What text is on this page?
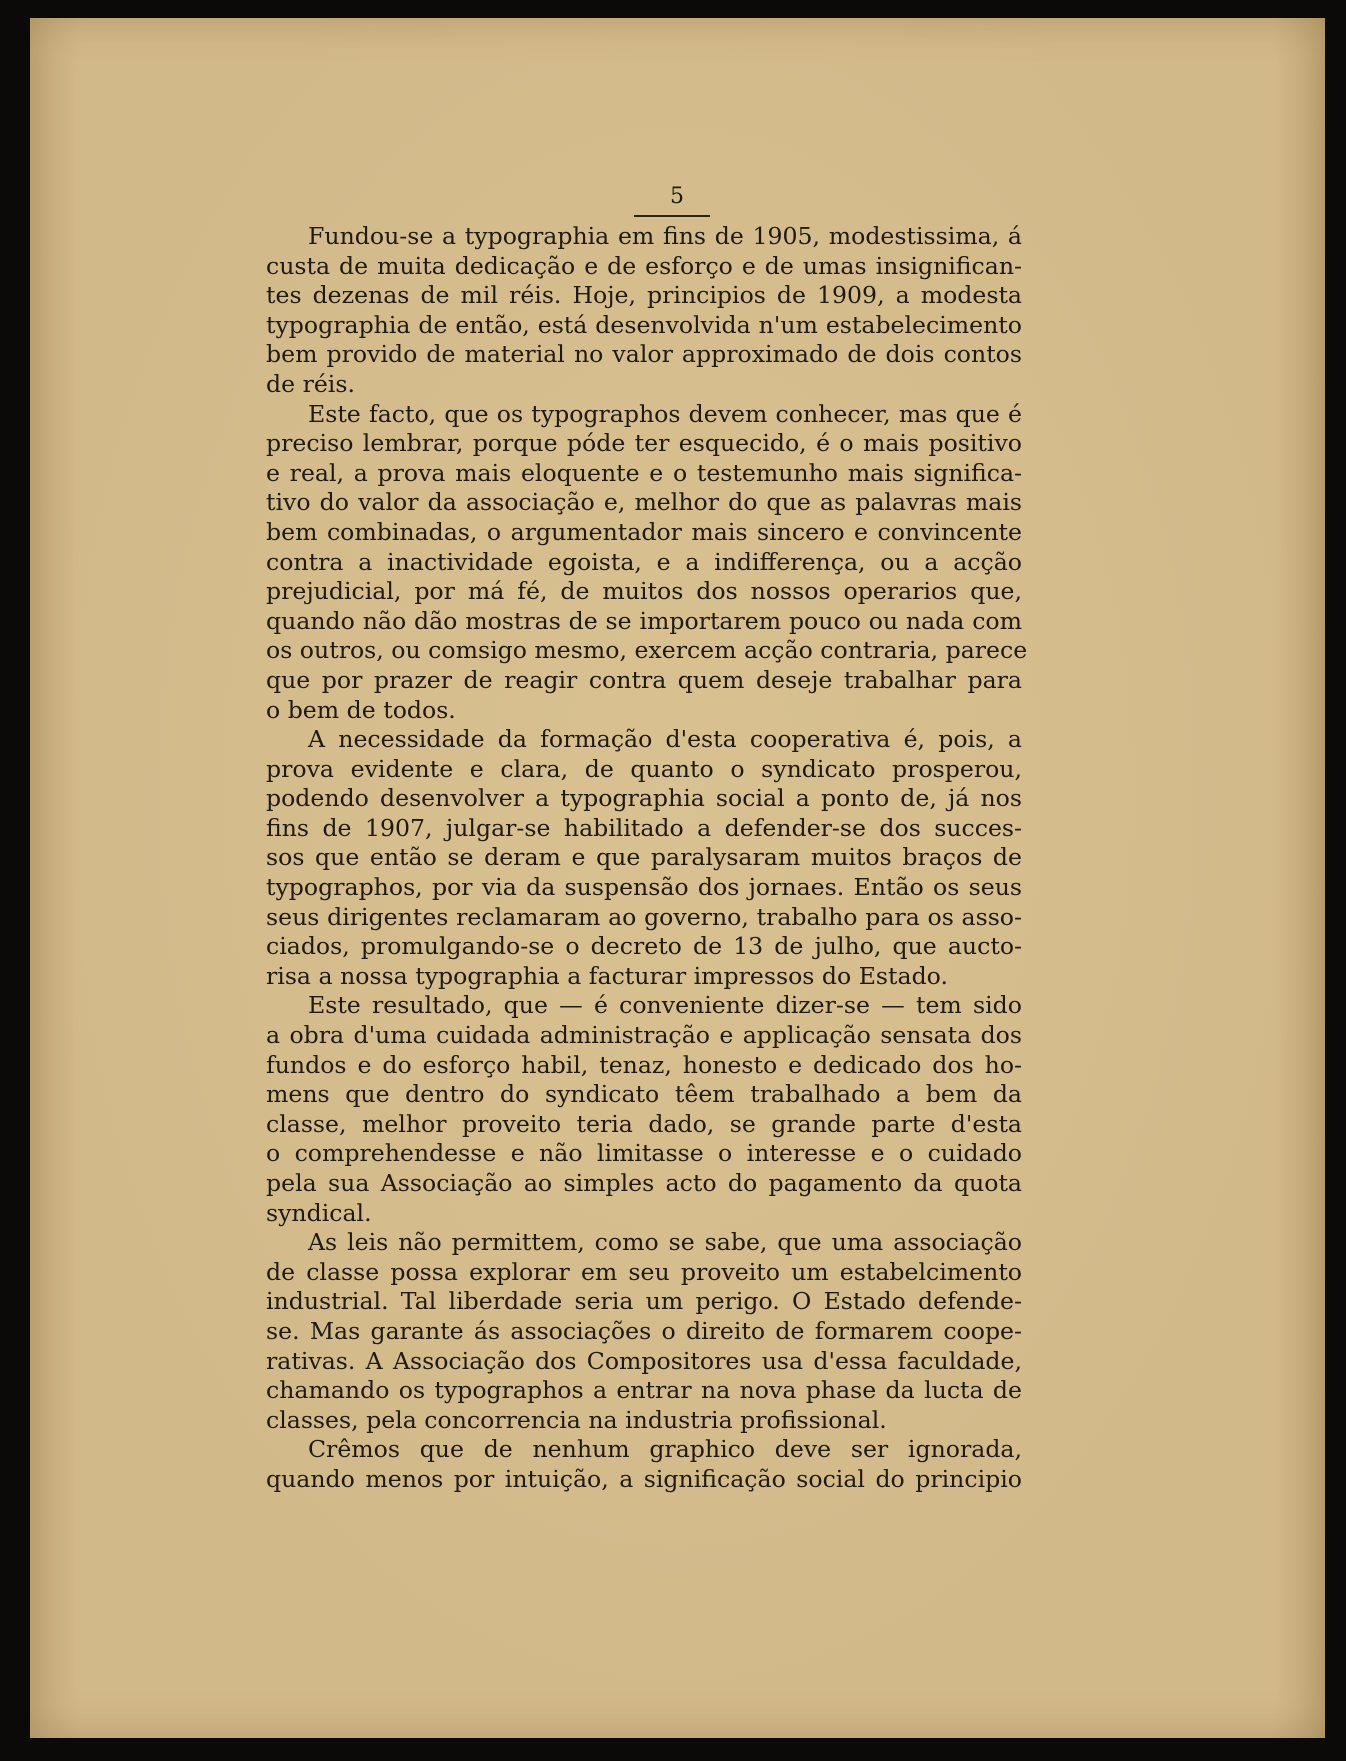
5
Fundou-se a typographia em fins de 1905, modestissima, á
custa de muita dedicação e de esforço e de umas insignifican-
tes dezenas de mil réis. Hoje, principios de 1909, a modesta
typographia de então, está desenvolvida n'um estabelecimento
bem provido de material no valor approximado de dois contos
de réis.
Este facto, que os typographos devem conhecer, mas que é
preciso lembrar, porque póde ter esquecido, é o mais positivo
e real, a prova mais eloquente e o testemunho mais significa-
tivo do valor da associação e, melhor do que as palavras mais
bem combinadas, o argumentador mais sincero e convincente
contra a inactividade egoista, e a indifferença, ou a acção
prejudicial, por má fé, de muitos dos nossos operarios que,
quando não dão mostras de se importarem pouco ou nada com
os outros, ou comsigo mesmo, exercem acção contraria, parece
que por prazer de reagir contra quem deseje trabalhar para
o bem de todos.
A necessidade da formação d'esta cooperativa é, pois, a
prova evidente e clara, de quanto o syndicato prosperou,
podendo desenvolver a typographia social a ponto de, já nos
fins de 1907, julgar-se habilitado a defender-se dos succes-
sos que então se deram e que paralysaram muitos braços de
typographos, por via da suspensão dos jornaes. Então os seus
seus dirigentes reclamaram ao governo, trabalho para os asso-
ciados, promulgando-se o decreto de 13 de julho, que aucto-
risa a nossa typographia a facturar impressos do Estado.
Este resultado, que — é conveniente dizer-se — tem sido
a obra d'uma cuidada administração e applicação sensata dos
fundos e do esforço habil, tenaz, honesto e dedicado dos ho-
mens que dentro do syndicato têem trabalhado a bem da
classe, melhor proveito teria dado, se grande parte d'esta
o comprehendesse e não limitasse o interesse e o cuidado
pela sua Associação ao simples acto do pagamento da quota
syndical.
As leis não permittem, como se sabe, que uma associação
de classe possa explorar em seu proveito um estabelcimento
industrial. Tal liberdade seria um perigo. O Estado defende-
se. Mas garante ás associações o direito de formarem coope-
rativas. A Associação dos Compositores usa d'essa faculdade,
chamando os typographos a entrar na nova phase da lucta de
classes, pela concorrencia na industria profissional.
Crêmos que de nenhum graphico deve ser ignorada,
quando menos por intuição, a significação social do principio
